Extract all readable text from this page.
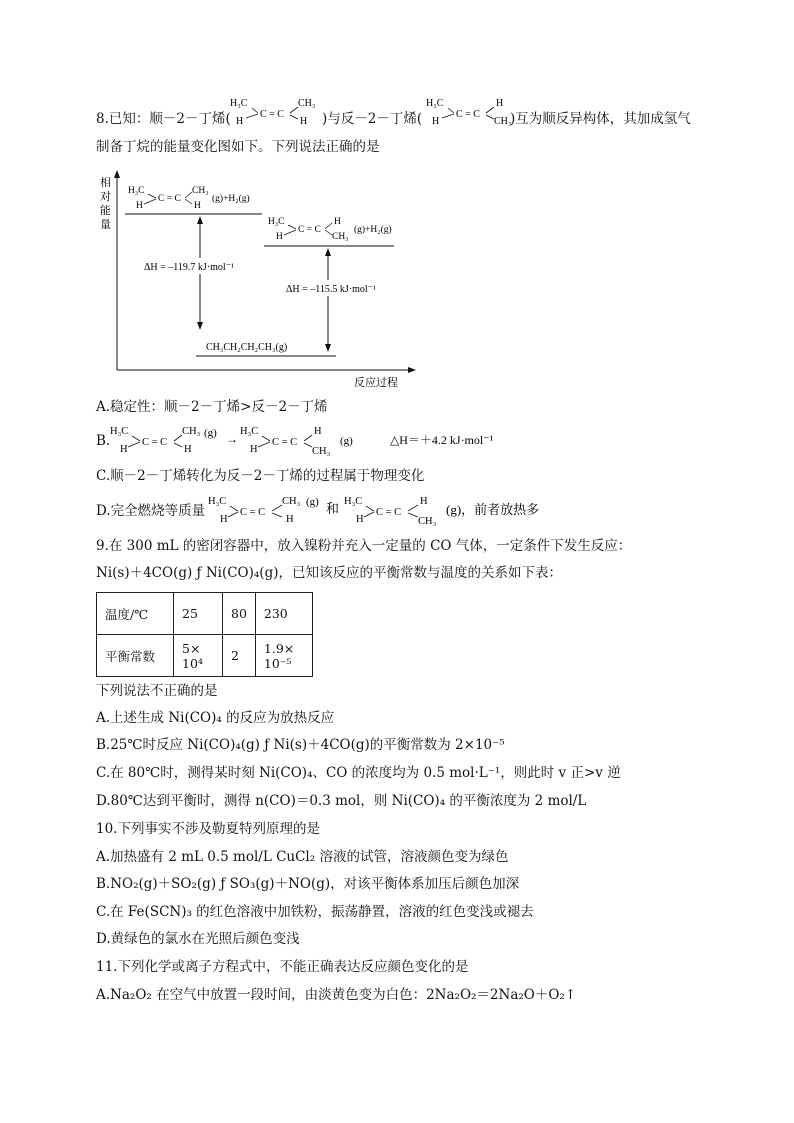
8.已知：顺－2－丁烯(
H₃C
H
C = C
CH₃
H )与反－2－丁烯(
H₃C
H
C = C
H
CH₃
)互为顺反异构体，其加成氢气
制备丁烷的能量变化图如下。下列说法正确的是
相
对
能
量
反应过程
H₃C
H
C = C
CH₃
H
(g)+H₂(g)
H₃C
H
C = C
H
CH₃
(g)+H₂(g)
ΔH = –119.7 kJ·mol⁻¹
ΔH = –115.5 kJ·mol⁻¹
CH₃CH₂CH₂CH₃(g)
A.稳定性：顺－2－丁烯>反－2－丁烯
B.
H₃C
H
C = C
CH₃
H
(g) →
H₃C
H
C = C
H
CH₃
(g)	△H＝＋4.2 kJ·mol⁻¹
C.顺－2－丁烯转化为反－2－丁烯的过程属于物理变化
D.完全燃烧等质量
H₃C
H
C = C
CH₃
H
(g) 和 H₃C
H
C = C
H
CH₃
(g)，前者放热多
9.在 300 mL 的密闭容器中，放入镍粉并充入一定量的 CO 气体，一定条件下发生反应：
Ni(s)＋4CO(g) ƒ Ni(CO)₄(g)，已知该反应的平衡常数与温度的关系如下表：
温度/℃	25	80	230
平衡常数	5× 10⁴	2	1.9× 10⁻⁵
下列说法不正确的是
A.上述生成 Ni(CO)₄ 的反应为放热反应
B.25℃时反应 Ni(CO)₄(g) ƒ Ni(s)＋4CO(g)的平衡常数为 2×10⁻⁵
C.在 80℃时，测得某时刻 Ni(CO)₄、CO 的浓度均为 0.5 mol·L⁻¹，则此时 v 正>v 逆
D.80℃达到平衡时，测得 n(CO)＝0.3 mol，则 Ni(CO)₄ 的平衡浓度为 2 mol/L
10.下列事实不涉及勒夏特列原理的是
A.加热盛有 2 mL 0.5 mol/L CuCl₂ 溶液的试管，溶液颜色变为绿色
B.NO₂(g)＋SO₂(g) ƒ SO₃(g)＋NO(g)，对该平衡体系加压后颜色加深
C.在 Fe(SCN)₃ 的红色溶液中加铁粉，振荡静置，溶液的红色变浅或褪去
D.黄绿色的氯水在光照后颜色变浅
11.下列化学或离子方程式中，不能正确表达反应颜色变化的是
A.Na₂O₂ 在空气中放置一段时间，由淡黄色变为白色：2Na₂O₂＝2Na₂O＋O₂↑
